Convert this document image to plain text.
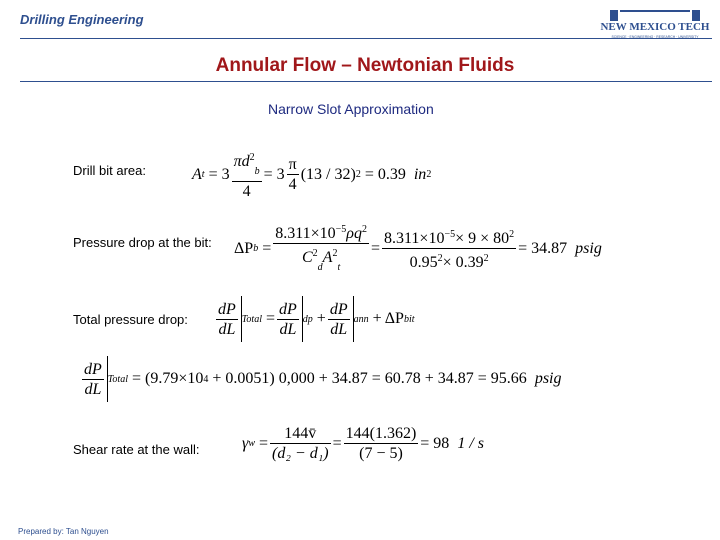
Drilling Engineering	NEW MEXICO TECH
SCIENCE · ENGINEERING · RESEARCH · UNIVERSITY
Annular Flow – Newtonian Fluids
Narrow Slot Approximation
Drill bit area:	A $t = 3 \frac{\pi d^2_b}{4} = 3 \frac{\pi}{4} (13 / 32)$ 2
= 0.39
in 2
Pressure drop at the bit: ΔP $b = \frac{8.311\times 10^{-5}\rho q^2}{C^2_dA^2_t} = \frac{8.311\times 10^{-5}\times 9 \times 80^2}{0.95^2\times 0.39^2} = 34.87$
psig
Total pressure drop: $\frac{dP}{dL}$ Total = $\frac{dP}{dL}$ dp + $\frac{dP}{dL}$ ann
+ ΔP bit
$\frac{dP}{dL}$ Total
= (9.79×10 4
+ 0.0051) 0,000 + 34.87 = 60.78 + 34.87 = 95.66
psig
Shear rate at the wall:	γ $w = \frac{144v̄}{\text{(d₂ − d₁)}} = \frac{144(1.362)}{(7 - 5)} = 98$
1 / s
Prepared by: Tan Nguyen
